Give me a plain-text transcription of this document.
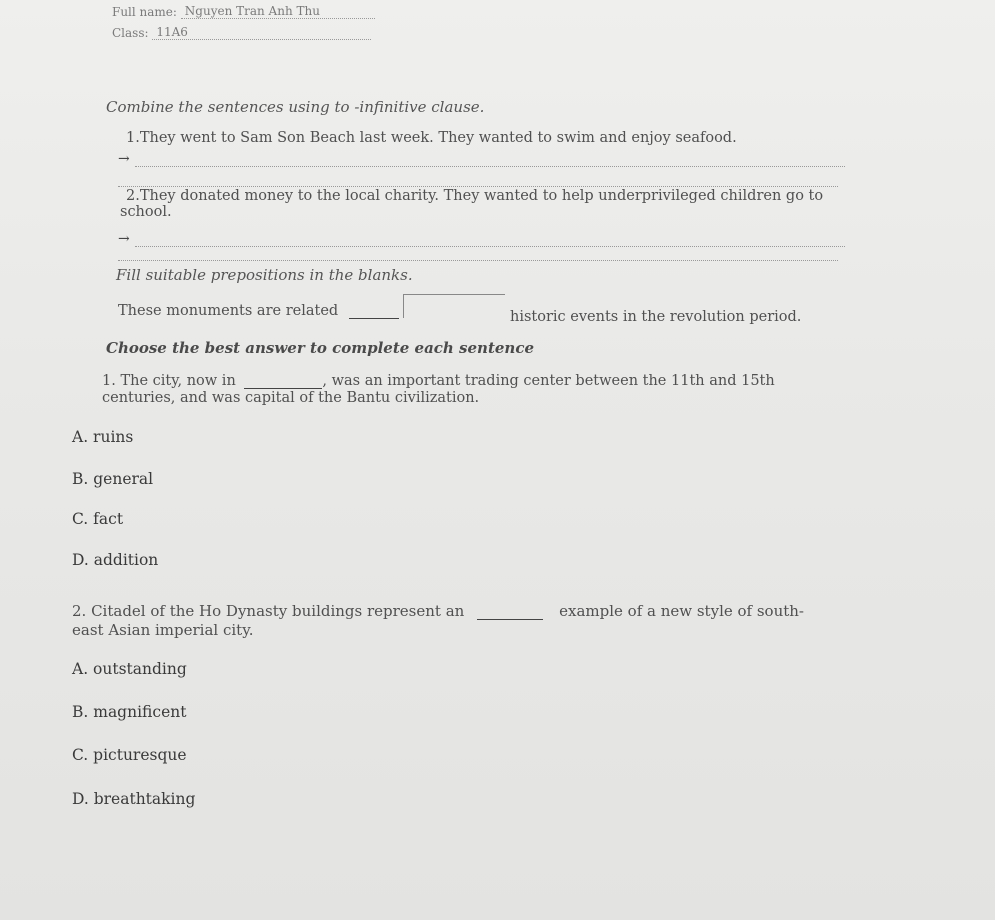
Full name: Nguyen Tran Anh Thu
Class: 11A6
Combine the sentences using to -infinitive clause.
1.They went to Sam Son Beach last week. They wanted to swim and enjoy seafood.
→
2.They donated money to the local charity. They wanted to help underprivileged children go to
school.
→
Fill suitable prepositions in the blanks.
These monuments are related	historic events in the revolution period.
Choose the best answer to complete each sentence
1. The city, now in	, was an important trading center between the 11th and 15th
centuries, and was capital of the Bantu civilization.
A. ruins
B. general
C. fact
D. addition
2. Citadel of the Ho Dynasty buildings represent an	example of a new style of south-
east Asian imperial city.
A. outstanding
B. magnificent
C. picturesque
D. breathtaking
